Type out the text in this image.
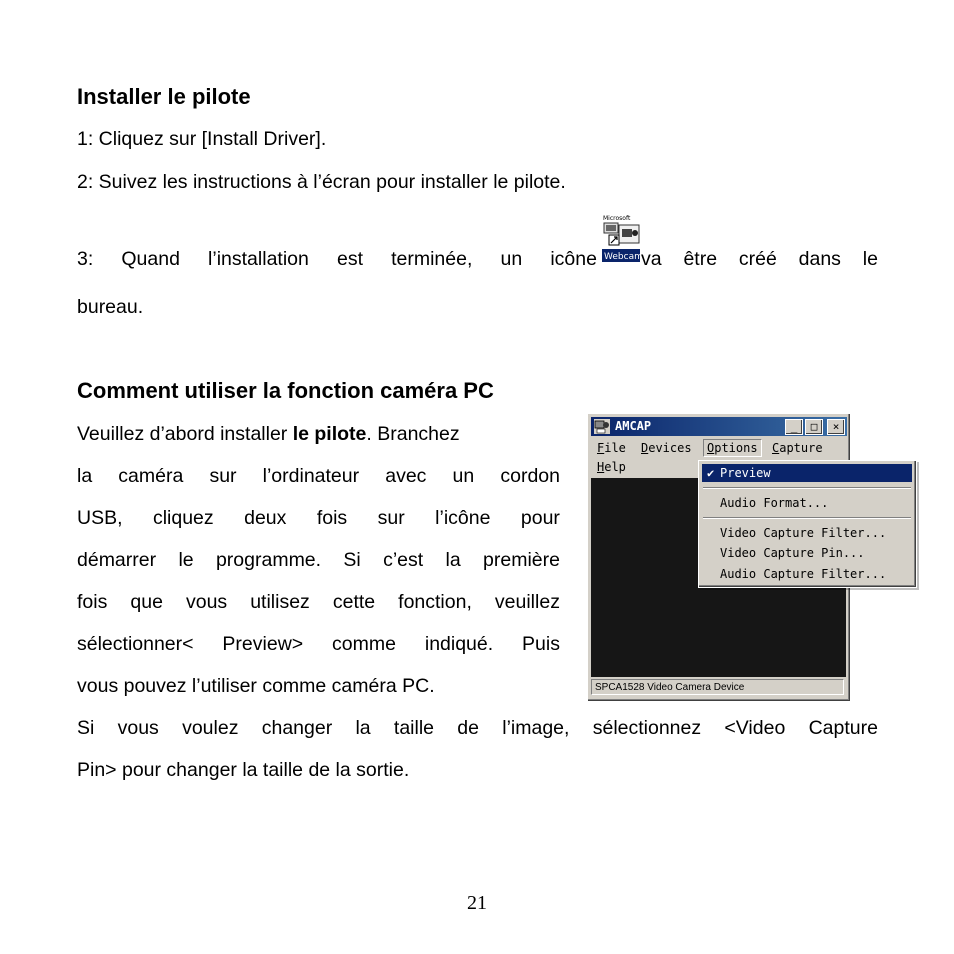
Installer le pilote
1: Cliquez sur [Install Driver].
2: Suivez les instructions à l’écran pour installer le pilote.
3: Quand l’installation est terminée, un icône va être créé dans le
bureau.
Microsoft
Webcam
Comment utiliser la fonction caméra PC
Veuillez d’abord installer le pilote. Branchez
la caméra sur l’ordinateur avec un cordon
USB, cliquez deux fois sur l’icône pour
démarrer le programme. Si c’est la première
fois que vous utilisez cette fonction, veuillez
sélectionner< Preview> comme indiqué. Puis
vous pouvez l’utiliser comme caméra PC.
Si vous voulez changer la taille de l’image, sélectionnez <Video Capture
Pin> pour changer la taille de la sortie.
AMCAP	_	□	×
File Devices	Options	Capture
Help
SPCA1528 Video Camera Device
✔ Preview
Audio Format...
Video Capture Filter...
Video Capture Pin...
Audio Capture Filter...
21
